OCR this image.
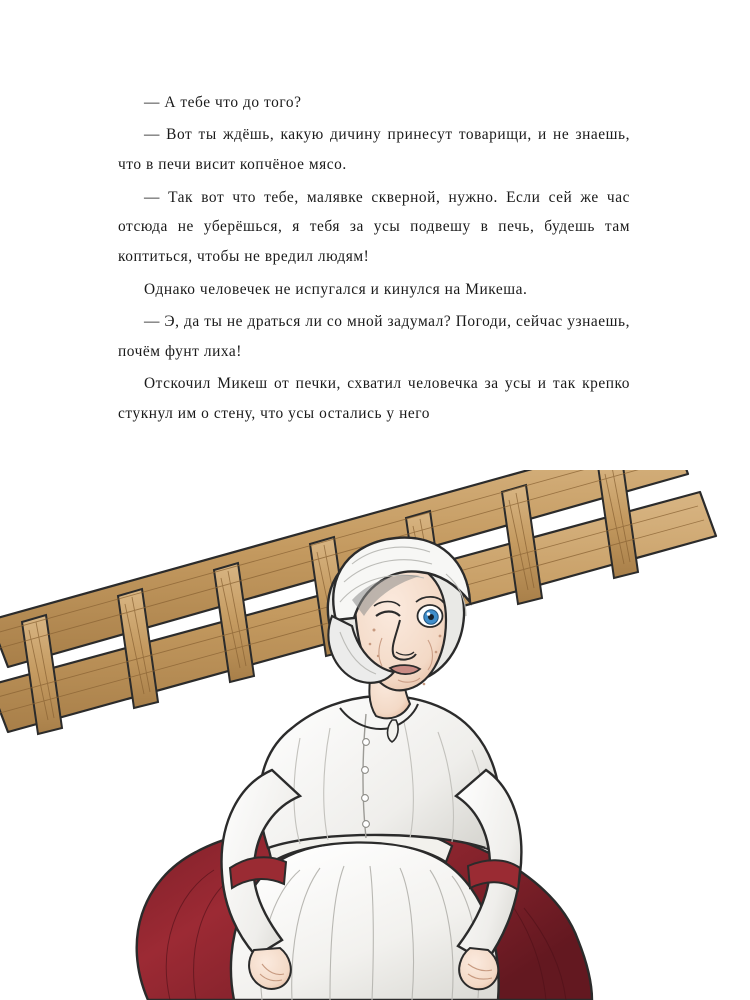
— А тебе что до того?

— Вот ты ждёшь, какую дичину принесут товарищи, и не знаешь, что в печи висит копчёное мясо.

— Так вот что тебе, малявке скверной, нужно. Если сей же час отсюда не уберёшься, я тебя за усы подвешу в печь, будешь там коптиться, чтобы не вредил людям!

Однако человечек не испугался и кинулся на Микеша.

— Э, да ты не драться ли со мной задумал? Погоди, сейчас узнаешь, почём фунт лиха!

Отскочил Микеш от печки, схватил человечка за усы и так крепко стукнул им о стену, что усы остались у него
